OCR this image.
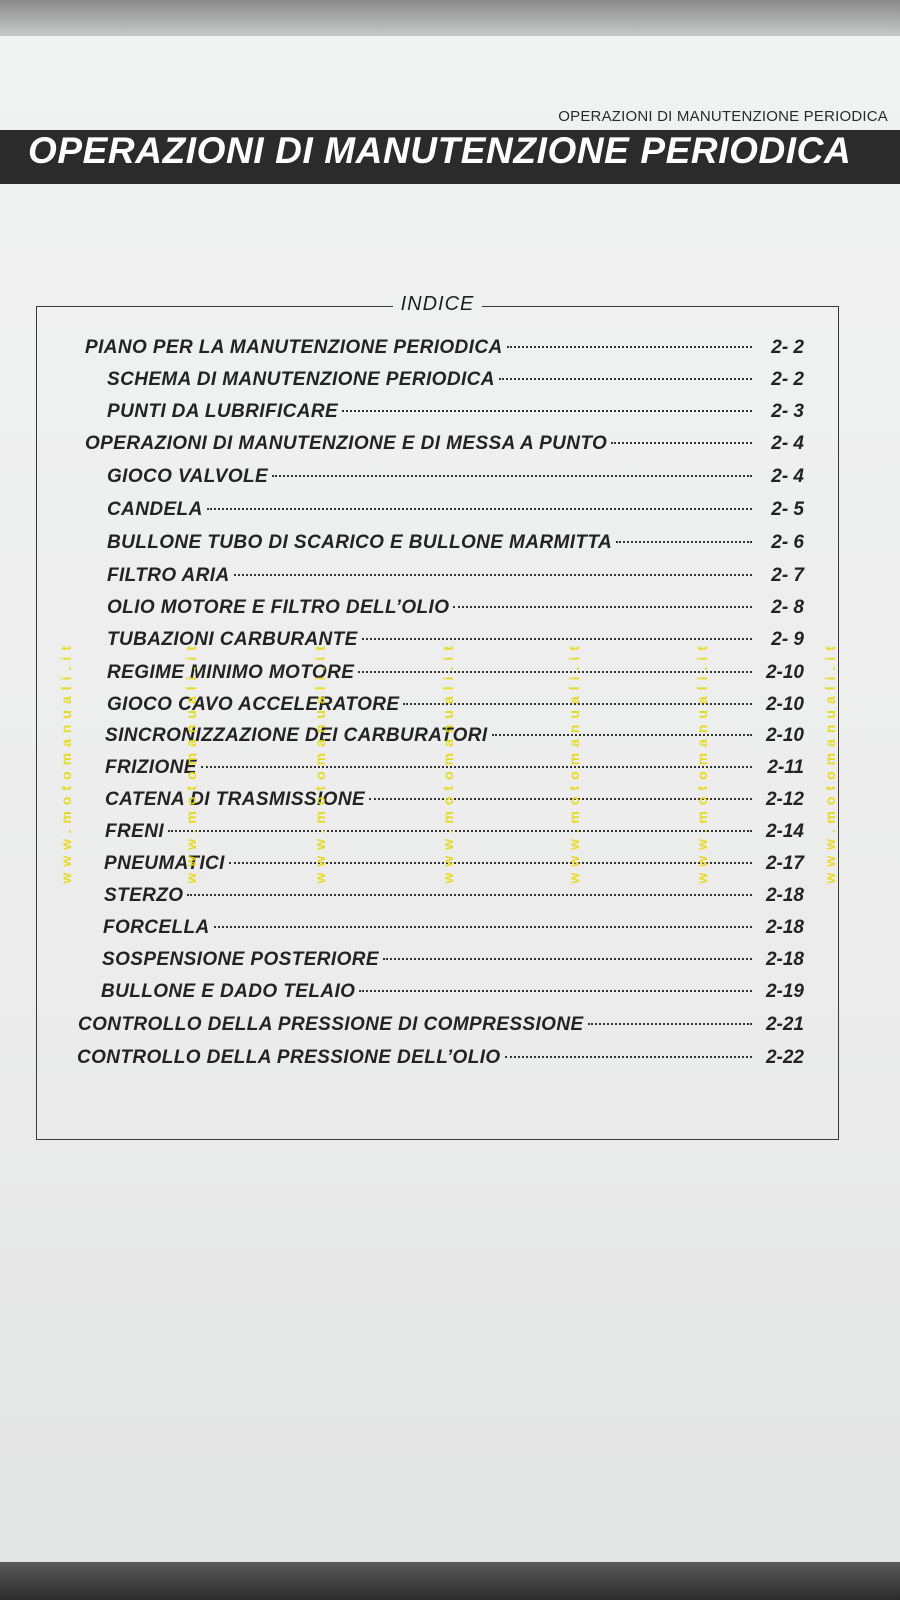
OPERAZIONI DI MANUTENZIONE PERIODICA
OPERAZIONI DI MANUTENZIONE PERIODICA
INDICE
PIANO PER LA MANUTENZIONE PERIODICA	2- 2
SCHEMA DI MANUTENZIONE PERIODICA	2- 2
PUNTI DA LUBRIFICARE	2- 3
OPERAZIONI DI MANUTENZIONE E DI MESSA A PUNTO	2- 4
GIOCO VALVOLE	2- 4
CANDELA	2- 5
BULLONE TUBO DI SCARICO E BULLONE MARMITTA	2- 6
FILTRO ARIA	2- 7
OLIO MOTORE E FILTRO DELL’OLIO	2- 8
TUBAZIONI CARBURANTE	2- 9
REGIME MINIMO MOTORE	2-10
GIOCO CAVO ACCELERATORE	2-10
SINCRONIZZAZIONE DEI CARBURATORI	2-10
FRIZIONE	2-11
CATENA DI TRASMISSIONE	2-12
FRENI	2-14
PNEUMATICI	2-17
STERZO	2-18
FORCELLA	2-18
SOSPENSIONE POSTERIORE	2-18
BULLONE E DADO TELAIO	2-19
CONTROLLO DELLA PRESSIONE DI COMPRESSIONE	2-21
CONTROLLO DELLA PRESSIONE DELL’OLIO	2-22
www.motomanuali.it	www.motomanuali.it	www.motomanuali.it	www.motomanuali.it	www.motomanuali.it	www.motomanuali.it	www.motomanuali.it
